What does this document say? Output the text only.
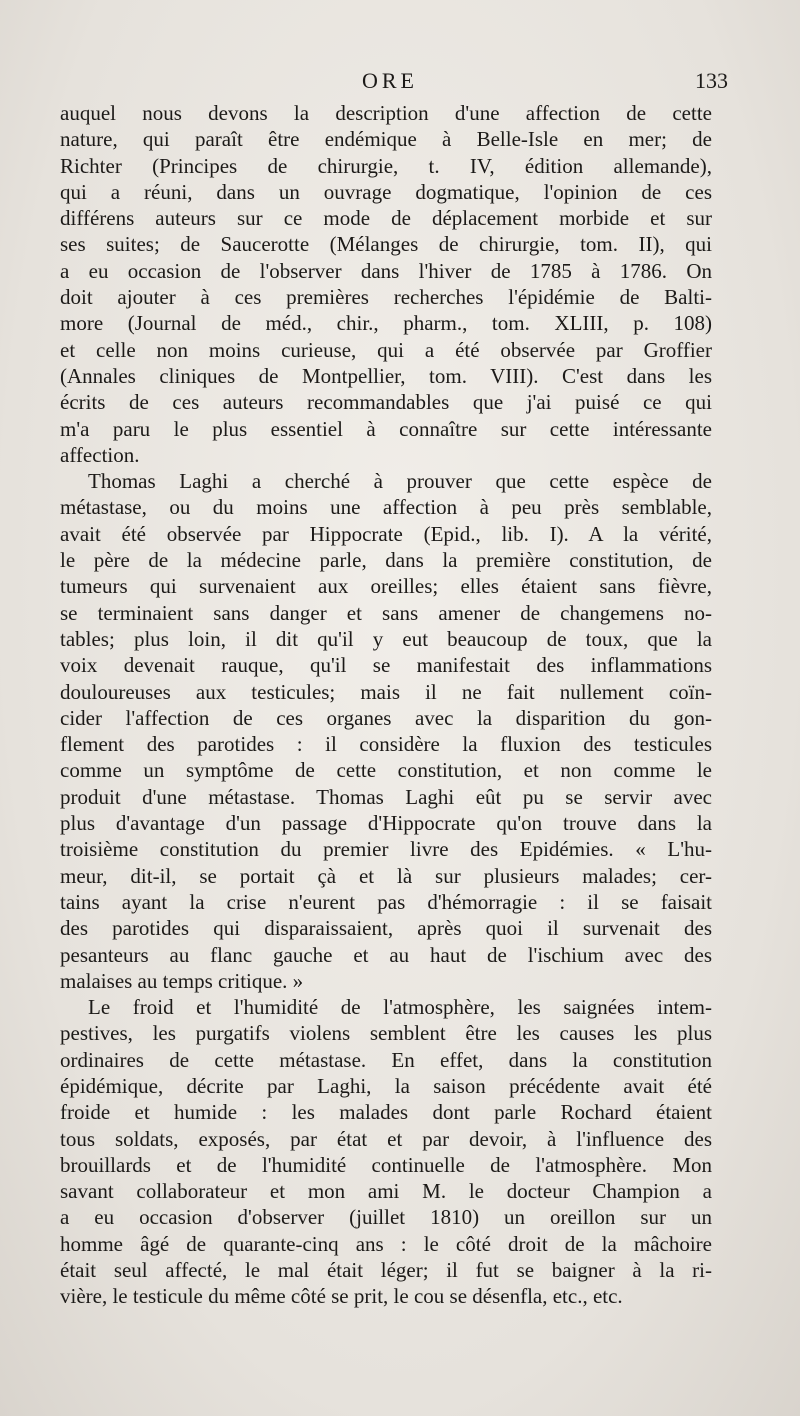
ORE	133
auquel nous devons la description d'une affection de cette
nature, qui paraît être endémique à Belle-Isle en mer; de
Richter (Principes de chirurgie, t. IV, édition allemande),
qui a réuni, dans un ouvrage dogmatique, l'opinion de ces
différens auteurs sur ce mode de déplacement morbide et sur
ses suites; de Saucerotte (Mélanges de chirurgie, tom. II), qui
a eu occasion de l'observer dans l'hiver de 1785 à 1786. On
doit ajouter à ces premières recherches l'épidémie de Balti-
more (Journal de méd., chir., pharm., tom. XLIII, p. 108)
et celle non moins curieuse, qui a été observée par Groffier
(Annales cliniques de Montpellier, tom. VIII). C'est dans les
écrits de ces auteurs recommandables que j'ai puisé ce qui
m'a paru le plus essentiel à connaître sur cette intéressante
affection.
Thomas Laghi a cherché à prouver que cette espèce de
métastase, ou du moins une affection à peu près semblable,
avait été observée par Hippocrate (Epid., lib. I). A la vérité,
le père de la médecine parle, dans la première constitution, de
tumeurs qui survenaient aux oreilles; elles étaient sans fièvre,
se terminaient sans danger et sans amener de changemens no-
tables; plus loin, il dit qu'il y eut beaucoup de toux, que la
voix devenait rauque, qu'il se manifestait des inflammations
douloureuses aux testicules; mais il ne fait nullement coïn-
cider l'affection de ces organes avec la disparition du gon-
flement des parotides : il considère la fluxion des testicules
comme un symptôme de cette constitution, et non comme le
produit d'une métastase. Thomas Laghi eût pu se servir avec
plus d'avantage d'un passage d'Hippocrate qu'on trouve dans la
troisième constitution du premier livre des Epidémies. « L'hu-
meur, dit-il, se portait çà et là sur plusieurs malades; cer-
tains ayant la crise n'eurent pas d'hémorragie : il se faisait
des parotides qui disparaissaient, après quoi il survenait des
pesanteurs au flanc gauche et au haut de l'ischium avec des
malaises au temps critique. »
Le froid et l'humidité de l'atmosphère, les saignées intem-
pestives, les purgatifs violens semblent être les causes les plus
ordinaires de cette métastase. En effet, dans la constitution
épidémique, décrite par Laghi, la saison précédente avait été
froide et humide : les malades dont parle Rochard étaient
tous soldats, exposés, par état et par devoir, à l'influence des
brouillards et de l'humidité continuelle de l'atmosphère. Mon
savant collaborateur et mon ami M. le docteur Champion a
a eu occasion d'observer (juillet 1810) un oreillon sur un
homme âgé de quarante-cinq ans : le côté droit de la mâchoire
était seul affecté, le mal était léger; il fut se baigner à la ri-
vière, le testicule du même côté se prit, le cou se désenfla, etc., etc.
